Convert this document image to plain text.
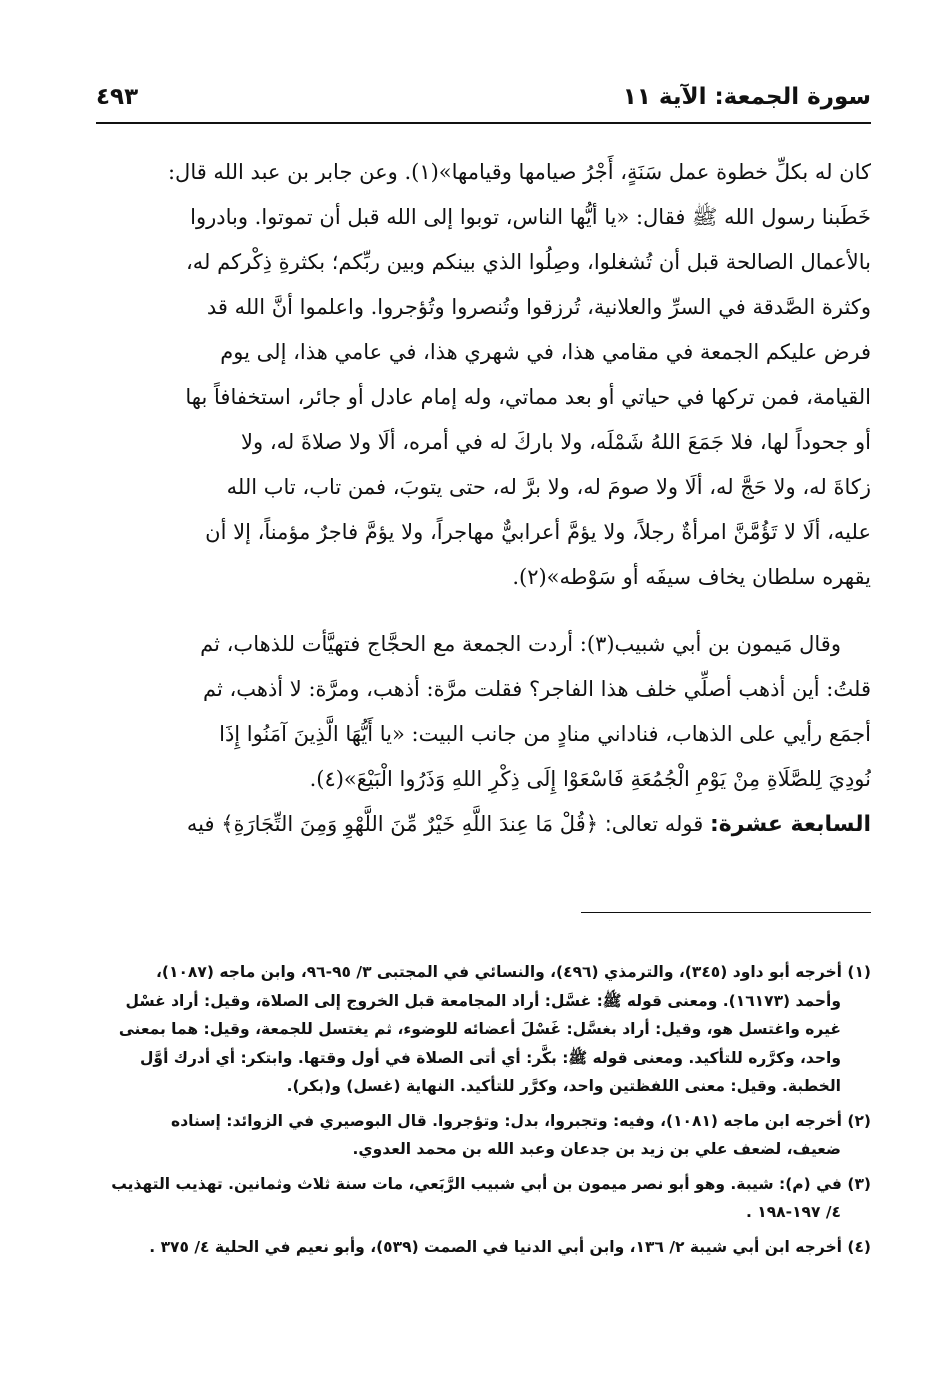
سورة الجمعة: الآية ١١
٤٩٣
كان له بكلِّ خطوة عمل سَنَةٍ، أَجْرُ صيامها وقيامها»(١). وعن جابر بن عبد الله قال:
خَطَبنا رسول الله ﷺ فقال: «يا أيُّها الناس، توبوا إلى الله قبل أن تموتوا. وبادروا
بالأعمال الصالحة قبل أن تُشغلوا، وصِلُوا الذي بينكم وبين ربِّكم؛ بكثرةِ ذِكْركم له،
وكثرة الصَّدقة في السرِّ والعلانية، تُرزقوا وتُنصروا وتُؤجروا. واعلموا أنَّ الله قد
فرض عليكم الجمعة في مقامي هذا، في شهري هذا، في عامي هذا، إلى يوم
القيامة، فمن تركها في حياتي أو بعد مماتي، وله إمام عادل أو جائر، استخفافاً بها
أو جحوداً لها، فلا جَمَعَ اللهُ شَمْلَه، ولا باركَ له في أمره، ألَا ولا صلاةَ له، ولا
زكاةَ له، ولا حَجَّ له، ألَا ولا صومَ له، ولا برَّ له، حتى يتوبَ، فمن تاب، تاب الله
عليه، ألَا لا تَؤُمَّنَّ امرأةٌ رجلاً، ولا يؤمَّ أعرابيٌّ مهاجراً، ولا يؤمَّ فاجرٌ مؤمناً، إلا أن
يقهره سلطان يخاف سيفَه أو سَوْطه»(٢).
وقال مَيمون بن أبي شبيب(٣): أردت الجمعة مع الحجَّاج فتهيَّأت للذهاب، ثم
قلتُ: أين أذهب أصلِّي خلف هذا الفاجر؟ فقلت مرَّة: أذهب، ومرَّة: لا أذهب، ثم
أجمَع رأيي على الذهاب، فناداني منادٍ من جانب البيت: «يا أَيُّهَا الَّذِينَ آمَنُوا إِذَا
نُودِيَ لِلصَّلَاةِ مِنْ يَوْمِ الْجُمُعَةِ فَاسْعَوْا إِلَى ذِكْرِ اللهِ وَذَرُوا الْبَيْعَ»(٤).
السابعة عشرة: قوله تعالى: ﴿قُلْ مَا عِندَ اللَّهِ خَيْرٌ مِّنَ اللَّهْوِ وَمِنَ التِّجَارَةِ﴾ فيه
(١) أخرجه أبو داود (٣٤٥)، والترمذي (٤٩٦)، والنسائي في المجتبى ٣/ ٩٥-٩٦، وابن ماجه (١٠٨٧)،
وأحمد (١٦١٧٣). ومعنى قوله ﷺ: غسَّل: أراد المجامعة قبل الخروج إلى الصلاة، وقيل: أراد غسْل
غيره واغتسل هو، وقيل: أراد بغسَّل: غَسْلَ أعضائه للوضوء، ثم يغتسل للجمعة، وقيل: هما بمعنى
واحد، وكرَّره للتأكيد. ومعنى قوله ﷺ: بكَّر: أي أتى الصلاة في أول وقتها. وابتكر: أي أدرك أوَّل
الخطبة. وقيل: معنى اللفظتين واحد، وكرَّر للتأكيد. النهاية (غسل) و(بكر).
(٢) أخرجه ابن ماجه (١٠٨١)، وفيه: وتجبروا، بدل: وتؤجروا. قال البوصيري في الزوائد: إسناده
ضعيف، لضعف علي بن زيد بن جدعان وعبد الله بن محمد العدوي.
(٣) في (م): شيبة. وهو أبو نصر ميمون بن أبي شبيب الرَّبَعي، مات سنة ثلاث وثمانين. تهذيب التهذيب
٤/ ١٩٧-١٩٨ .
(٤) أخرجه ابن أبي شيبة ٢/ ١٣٦، وابن أبي الدنيا في الصمت (٥٣٩)، وأبو نعيم في الحلية ٤/ ٣٧٥ .
